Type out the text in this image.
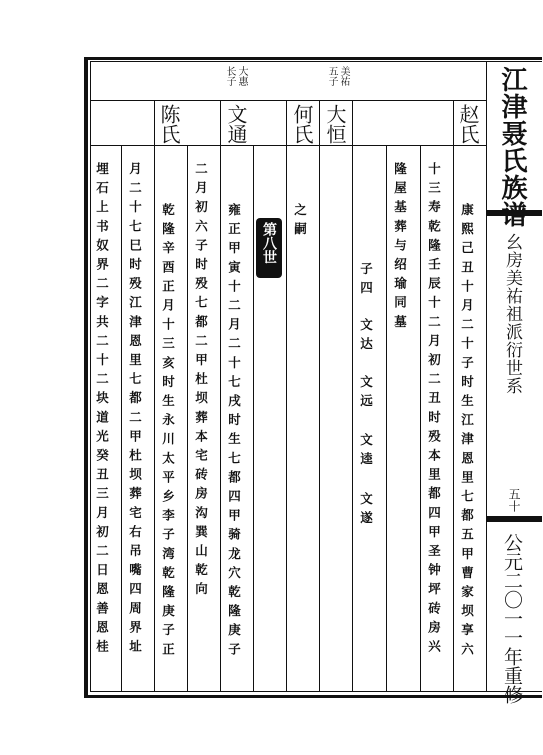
长子 大惠	五子 美祐
赵氏
大恒
何氏
文通
陈氏
康熙己丑十月二十子时生江津恩里七都五甲曹家坝享六
十三寿乾隆壬辰十二月初二丑时殁本里都四甲圣钟坪砖房兴
隆屋基葬与绍瑜同墓
子四
文达
文远
文逵
文遂
之嗣
雍正甲寅十二月二十七戌时生七都四甲骑龙穴乾隆庚子
二月初六子时殁七都二甲杜坝葬本宅砖房沟巽山乾向
乾隆辛酉正月十三亥时生永川太平乡李子湾乾隆庚子正
月二十七巳时殁江津恩里七都二甲杜坝葬宅右吊嘴四周界址
埋石上书奴界二字共二十二块道光癸丑三月初二日恩善恩桂	第八世
江津聂氏族谱
幺房美祐祖派衍世系
五十
公元二〇一一年重修
